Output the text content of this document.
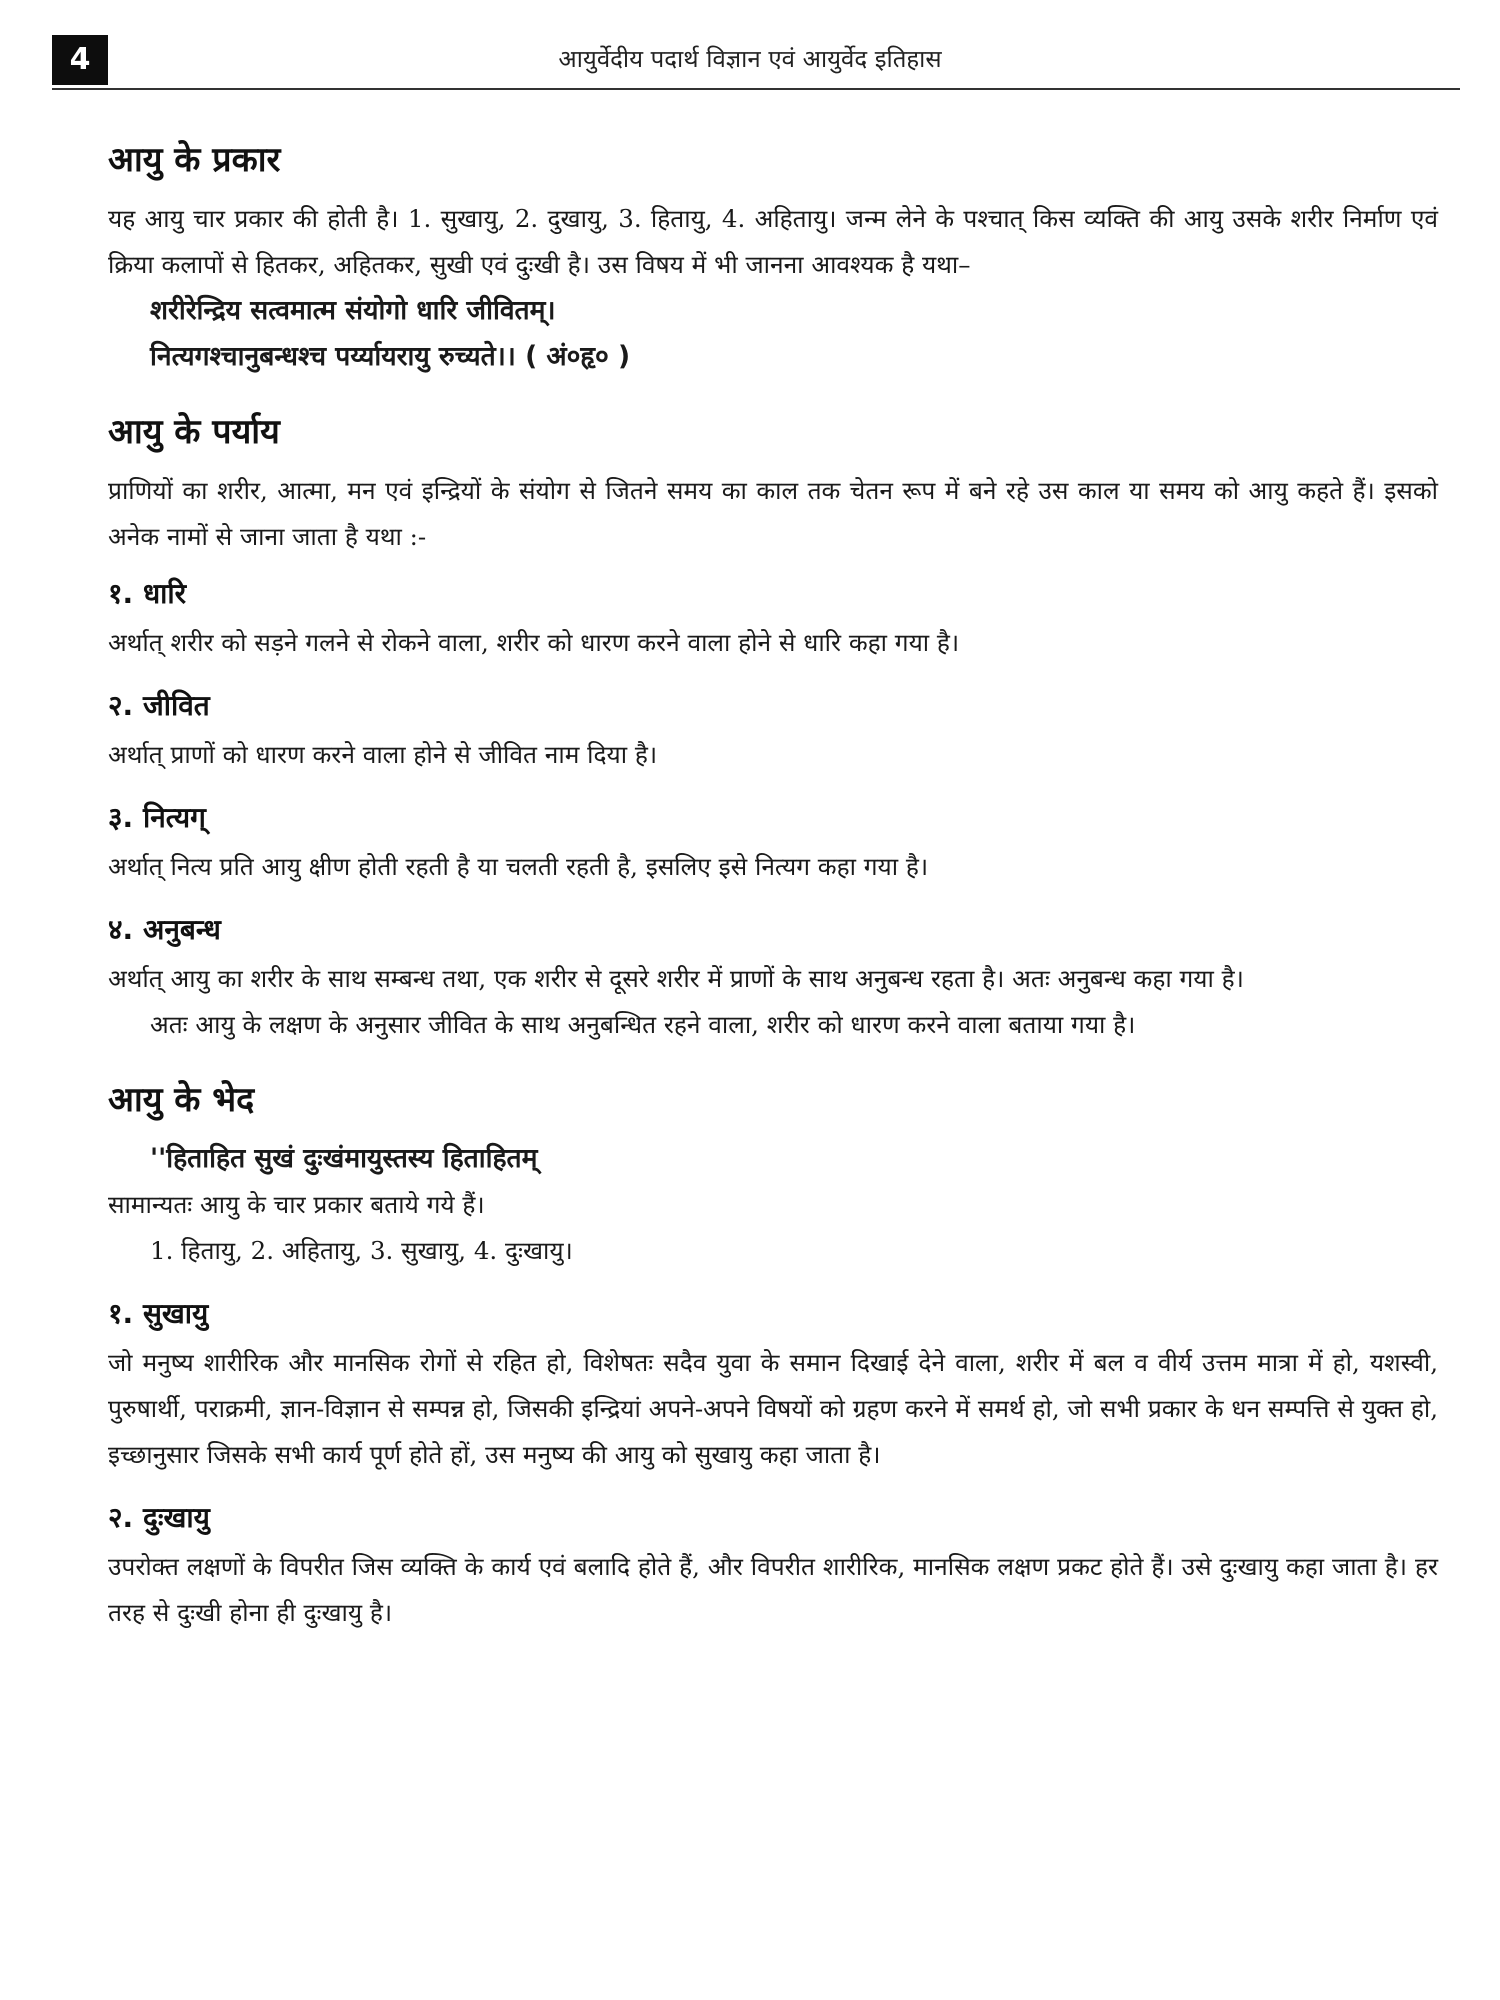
4	आयुर्वेदीय पदार्थ विज्ञान एवं आयुर्वेद इतिहास
आयु के प्रकार

यह आयु चार प्रकार की होती है। 1. सुखायु, 2. दुखायु, 3. हितायु, 4. अहितायु। जन्म लेने के पश्चात् किस व्यक्ति की आयु उसके शरीर निर्माण एवं क्रिया कलापों से हितकर, अहितकर, सुखी एवं दुःखी है। उस विषय में भी जानना आवश्यक है यथा–

शरीरेन्द्रिय सत्वमात्म संयोगो धारि जीवितम्।
नित्यगश्चानुबन्धश्च पर्य्यायरायु रुच्यते।। ( अं०हृ० )
आयु के पर्याय

प्राणियों का शरीर, आत्मा, मन एवं इन्द्रियों के संयोग से जितने समय का काल तक चेतन रूप में बने रहे उस काल या समय को आयु कहते हैं। इसको अनेक नामों से जाना जाता है यथा :-

१. धारि

अर्थात् शरीर को सड़ने गलने से रोकने वाला, शरीर को धारण करने वाला होने से धारि कहा गया है।

२. जीवित

अर्थात् प्राणों को धारण करने वाला होने से जीवित नाम दिया है।

३. नित्यग्

अर्थात् नित्य प्रति आयु क्षीण होती रहती है या चलती रहती है, इसलिए इसे नित्यग कहा गया है।

४. अनुबन्ध

अर्थात् आयु का शरीर के साथ सम्बन्ध तथा, एक शरीर से दूसरे शरीर में प्राणों के साथ अनुबन्ध रहता है। अतः अनुबन्ध कहा गया है।

अतः आयु के लक्षण के अनुसार जीवित के साथ अनुबन्धित रहने वाला, शरीर को धारण करने वाला बताया गया है।

आयु के भेद
''हिताहित सुखं दुःखंमायुस्तस्य हिताहितम्

सामान्यतः आयु के चार प्रकार बताये गये हैं।

1. हितायु, 2. अहितायु, 3. सुखायु, 4. दुःखायु।
१. सुखायु

जो मनुष्य शारीरिक और मानसिक रोगों से रहित हो, विशेषतः सदैव युवा के समान दिखाई देने वाला, शरीर में बल व वीर्य उत्तम मात्रा में हो, यशस्वी, पुरुषार्थी, पराक्रमी, ज्ञान-विज्ञान से सम्पन्न हो, जिसकी इन्द्रियां अपने-अपने विषयों को ग्रहण करने में समर्थ हो, जो सभी प्रकार के धन सम्पत्ति से युक्त हो, इच्छानुसार जिसके सभी कार्य पूर्ण होते हों, उस मनुष्य की आयु को सुखायु कहा जाता है।

२. दुःखायु

उपरोक्त लक्षणों के विपरीत जिस व्यक्ति के कार्य एवं बलादि होते हैं, और विपरीत शारीरिक, मानसिक लक्षण प्रकट होते हैं। उसे दुःखायु कहा जाता है। हर तरह से दुःखी होना ही दुःखायु है।
